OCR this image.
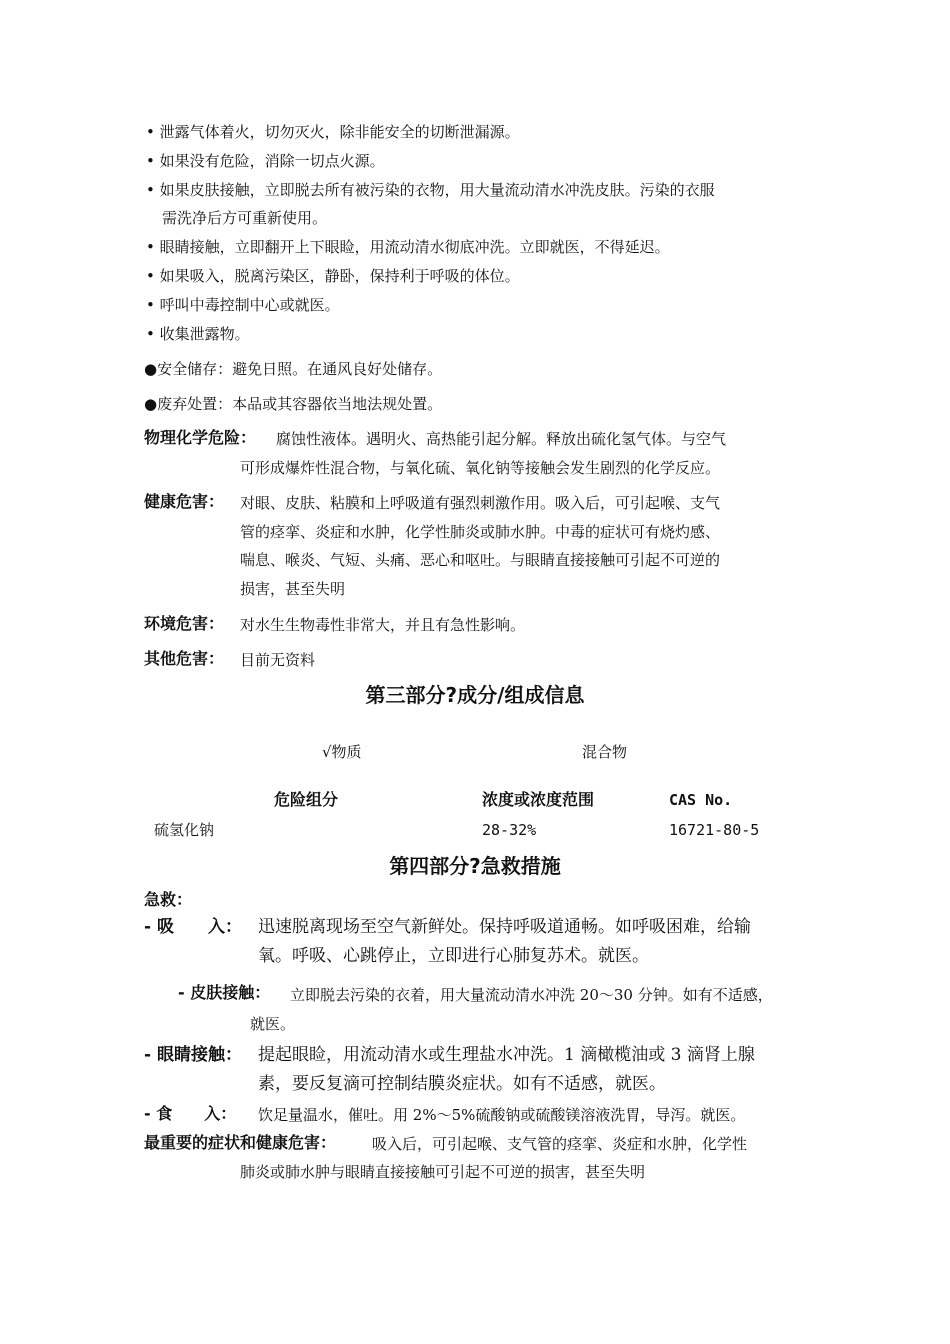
• 泄露气体着火，切勿灭火，除非能安全的切断泄漏源。
• 如果没有危险，消除一切点火源。
• 如果皮肤接触，立即脱去所有被污染的衣物，用大量流动清水冲洗皮肤。污染的衣服
需洗净后方可重新使用。
• 眼睛接触，立即翻开上下眼睑，用流动清水彻底冲洗。立即就医，不得延迟。
• 如果吸入，脱离污染区，静卧，保持利于呼吸的体位。
• 呼叫中毒控制中心或就医。
• 收集泄露物。
●安全储存：避免日照。在通风良好处储存。
●废弃处置：本品或其容器依当地法规处置。
物理化学危险： 腐蚀性液体。遇明火、高热能引起分解。释放出硫化氢气体。与空气
可形成爆炸性混合物，与氧化硫、氧化钠等接触会发生剧烈的化学反应。
健康危害： 对眼、皮肤、粘膜和上呼吸道有强烈刺激作用。吸入后，可引起喉、支气
管的痉挛、炎症和水肿，化学性肺炎或肺水肿。中毒的症状可有烧灼感、
喘息、喉炎、气短、头痛、恶心和呕吐。与眼睛直接接触可引起不可逆的
损害，甚至失明
环境危害： 对水生生物毒性非常大，并且有急性影响。
其他危害： 目前无资料
第三部分?成分/组成信息
√物质	混合物
危险组分	浓度或浓度范围	CAS No.
硫氢化钠	28-32%	16721-80-5
第四部分?急救措施
急救：
- 吸　　入： 迅速脱离现场至空气新鲜处。保持呼吸道通畅。如呼吸困难，给输
氧。呼吸、心跳停止，立即进行心肺复苏术。就医。
- 皮肤接触： 立即脱去污染的衣着，用大量流动清水冲洗 20～30 分钟。如有不适感，
就医。
- 眼睛接触： 提起眼睑，用流动清水或生理盐水冲洗。1 滴橄榄油或 3 滴肾上腺
素，要反复滴可控制结膜炎症状。如有不适感，就医。
- 食　　入： 饮足量温水，催吐。用 2%～5%硫酸钠或硫酸镁溶液洗胃，导泻。就医。
最重要的症状和健康危害： 吸入后，可引起喉、支气管的痉挛、炎症和水肿，化学性
肺炎或肺水肿与眼睛直接接触可引起不可逆的损害，甚至失明
